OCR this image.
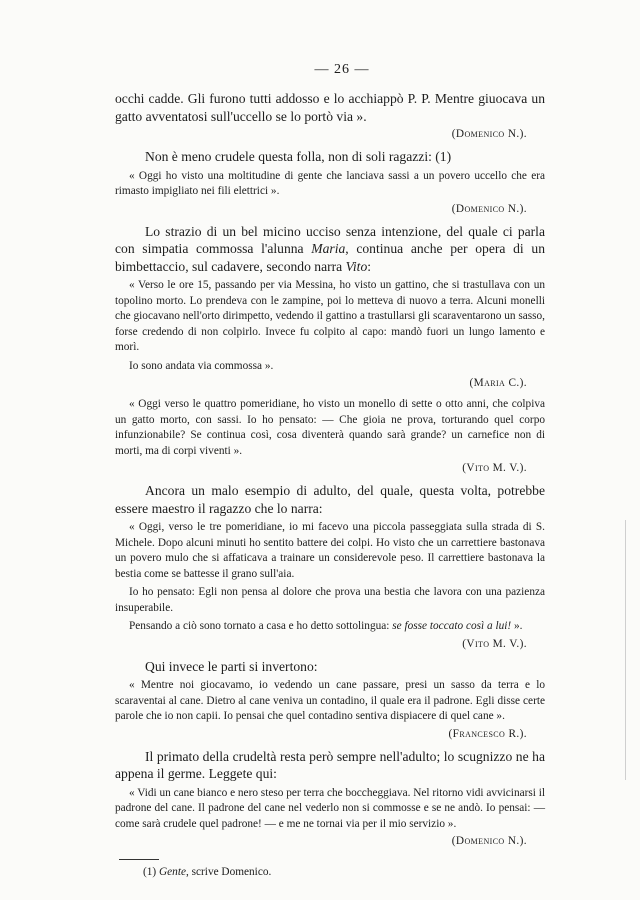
— 26 —

occhi cadde. Gli furono tutti addosso e lo acchiappò P. P. Mentre giuocava un gatto avventatosi sull'uccello se lo portò via ».

(Domenico N.).

Non è meno crudele questa folla, non di soli ragazzi: (1)

« Oggi ho visto una moltitudine di gente che lanciava sassi a un povero uccello che era rimasto impigliato nei fili elettrici ».

(Domenico N.).

Lo strazio di un bel micino ucciso senza intenzione, del quale ci parla con simpatia commossa l'alunna Maria, continua anche per opera di un bimbettaccio, sul cadavere, secondo narra Vito:

« Verso le ore 15, passando per via Messina, ho visto un gattino, che si trastullava con un topolino morto. Lo prendeva con le zampine, poi lo metteva di nuovo a terra. Alcuni monelli che giocavano nell'orto dirimpetto, vedendo il gattino a trastullarsi gli scaraventarono un sasso, forse credendo di non colpirlo. Invece fu colpito al capo: mandò fuori un lungo lamento e morì.

Io sono andata via commossa ».

(Maria C.).

« Oggi verso le quattro pomeridiane, ho visto un monello di sette o otto anni, che colpiva un gatto morto, con sassi. Io ho pensato: — Che gioia ne prova, torturando quel corpo infunzionabile? Se continua così, cosa diventerà quando sarà grande? un carnefice non di morti, ma di corpi viventi ».

(Vito M. V.).

Ancora un malo esempio di adulto, del quale, questa volta, potrebbe essere maestro il ragazzo che lo narra:

« Oggi, verso le tre pomeridiane, io mi facevo una piccola passeggiata sulla strada di S. Michele. Dopo alcuni minuti ho sentito battere dei colpi. Ho visto che un carrettiere bastonava un povero mulo che si affaticava a trainare un considerevole peso. Il carrettiere bastonava la bestia come se battesse il grano sull'aia.

Io ho pensato: Egli non pensa al dolore che prova una bestia che lavora con una pazienza insuperabile.

Pensando a ciò sono tornato a casa e ho detto sottolingua: se fosse toccato così a lui! ».

(Vito M. V.).

Qui invece le parti si invertono:

« Mentre noi giocavamo, io vedendo un cane passare, presi un sasso da terra e lo scaraventai al cane. Dietro al cane veniva un contadino, il quale era il padrone. Egli disse certe parole che io non capii. Io pensai che quel contadino sentiva dispiacere di quel cane ».

(Francesco R.).

Il primato della crudeltà resta però sempre nell'adulto; lo scugnizzo ne ha appena il germe. Leggete qui:

« Vidi un cane bianco e nero steso per terra che boccheggiava. Nel ritorno vidi avvicinarsi il padrone del cane. Il padrone del cane nel vederlo non si commosse e se ne andò. Io pensai: — come sarà crudele quel padrone! — e me ne tornai via per il mio servizio ».

(Domenico N.).
(1) Gente, scrive Domenico.
